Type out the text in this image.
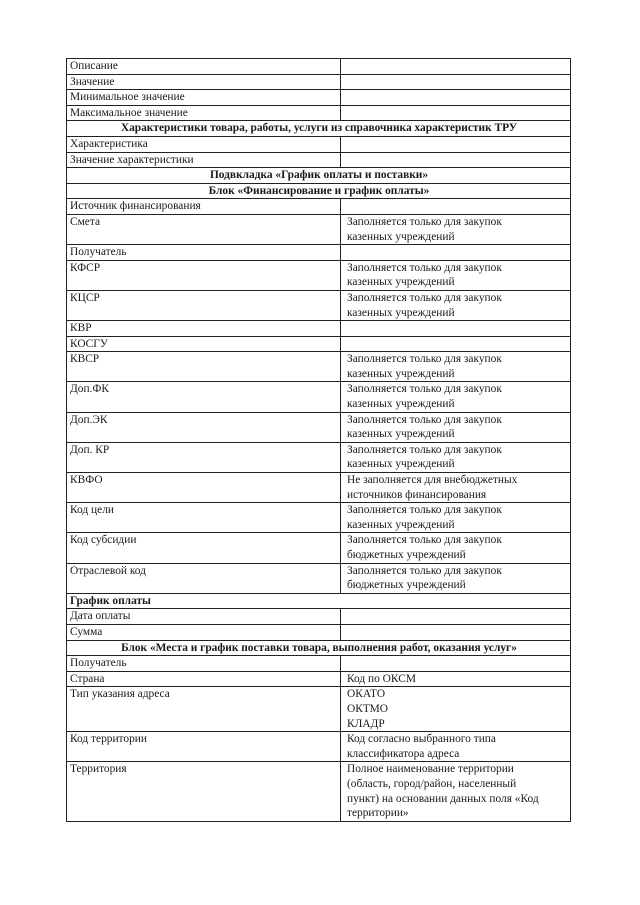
Описание	
Значение	
Минимальное значение	
Максимальное значение	
Характеристики товара, работы, услуги из справочника характеристик ТРУ	
Характеристика	
Значение характеристики	
Подвкладка «График оплаты и поставки»	
Блок «Финансирование и график оплаты»	
Источник финансирования	
Смета	Заполняется только для закупок
казенных учреждений

Получатель	
КФСР	Заполняется только для закупок
казенных учреждений

КЦСР	Заполняется только для закупок
казенных учреждений

КВР	
КОСГУ	
КВСР	Заполняется только для закупок
казенных учреждений

Доп.ФК	Заполняется только для закупок
казенных учреждений

Доп.ЭК	Заполняется только для закупок
казенных учреждений

Доп. КР	Заполняется только для закупок
казенных учреждений

КВФО	Не заполняется для внебюджетных
источников финансирования

Код цели	Заполняется только для закупок
казенных учреждений

Код субсидии	Заполняется только для закупок
бюджетных учреждений

Отраслевой код	Заполняется только для закупок
бюджетных учреждений

График оплаты	
Дата оплаты	
Сумма	
Блок «Места и график поставки товара, выполнения работ, оказания услуг»	
Получатель	
Страна	Код по ОКСМ

Тип указания адреса	ОКАТО
ОКТМО
КЛАДР

Код территории	Код согласно выбранного типа
классификатора адреса

Территория	Полное наименование территории
(область, город/район, населенный
пункт) на основании данных поля «Код
территории»
